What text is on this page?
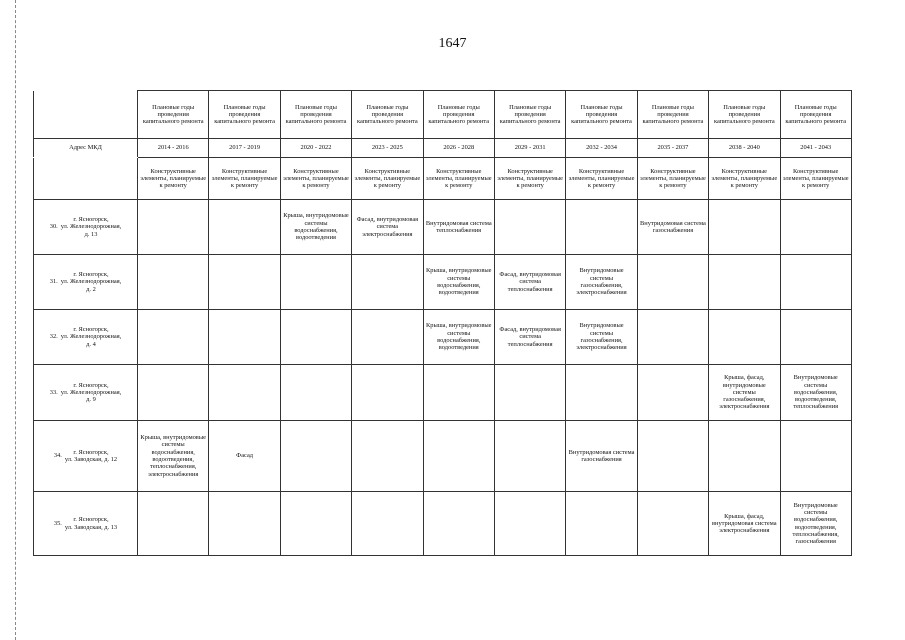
1647
	Плановые годы проведения капитального ремонта	Плановые годы проведения капитального ремонта	Плановые годы проведения капитального ремонта	Плановые годы проведения капитального ремонта	Плановые годы проведения капитального ремонта	Плановые годы проведения капитального ремонта	Плановые годы проведения капитального ремонта	Плановые годы проведения капитального ремонта	Плановые годы проведения капитального ремонта	Плановые годы проведения капитального ремонта
Адрес МКД	2014 - 2016	2017 - 2019	2020 - 2022	2023 - 2025	2026 - 2028	2029 - 2031	2032 - 2034	2035 - 2037	2038 - 2040	2041 - 2043
	Конструктивные элементы, планируемые к ремонту	Конструктивные элементы, планируемые к ремонту	Конструктивные элементы, планируемые к ремонту	Конструктивные элементы, планируемые к ремонту	Конструктивные элементы, планируемые к ремонту	Конструктивные элементы, планируемые к ремонту	Конструктивные элементы, планируемые к ремонту	Конструктивные элементы, планируемые к ремонту	Конструктивные элементы, планируемые к ремонту	Конструктивные элементы, планируемые к ремонту
30.
г. Ясногорск,
ул. Железнодорожная,
д. 13			Крыша, внутридомовые системы водоснабжения, водоотведения	Фасад, внутридомовая система электроснабжения	Внутридомовая система теплоснабжения			Внутридомовая система газоснабжения		
31.
г. Ясногорск,
ул. Железнодорожная,
д. 2					Крыша, внутридомовые системы водоснабжения, водоотведения	Фасад, внутридомовая система теплоснабжения	Внутридомовые системы газоснабжения, электроснабжения			
32.
г. Ясногорск,
ул. Железнодорожная,
д. 4					Крыша, внутридомовые системы водоснабжения, водоотведения	Фасад, внутридомовая система теплоснабжения	Внутридомовые системы газоснабжения, электроснабжения			
33.
г. Ясногорск,
ул. Железнодорожная,
д. 9									Крыша, фасад, внутридомовые системы газоснабжения, электроснабжения	Внутридомовые системы водоснабжения, водоотведения, теплоснабжения
34.
г. Ясногорск,
ул. Заводская, д. 12	Крыша, внутридомовые системы водоснабжения, водоотведения, теплоснабжения, электроснабжения	Фасад					Внутридомовая система газоснабжения			
35.
г. Ясногорск,
ул. Заводская, д. 13									Крыша, фасад, внутридомовая система электроснабжения	Внутридомовые системы водоснабжения, водоотведения, теплоснабжения, газоснабжения
